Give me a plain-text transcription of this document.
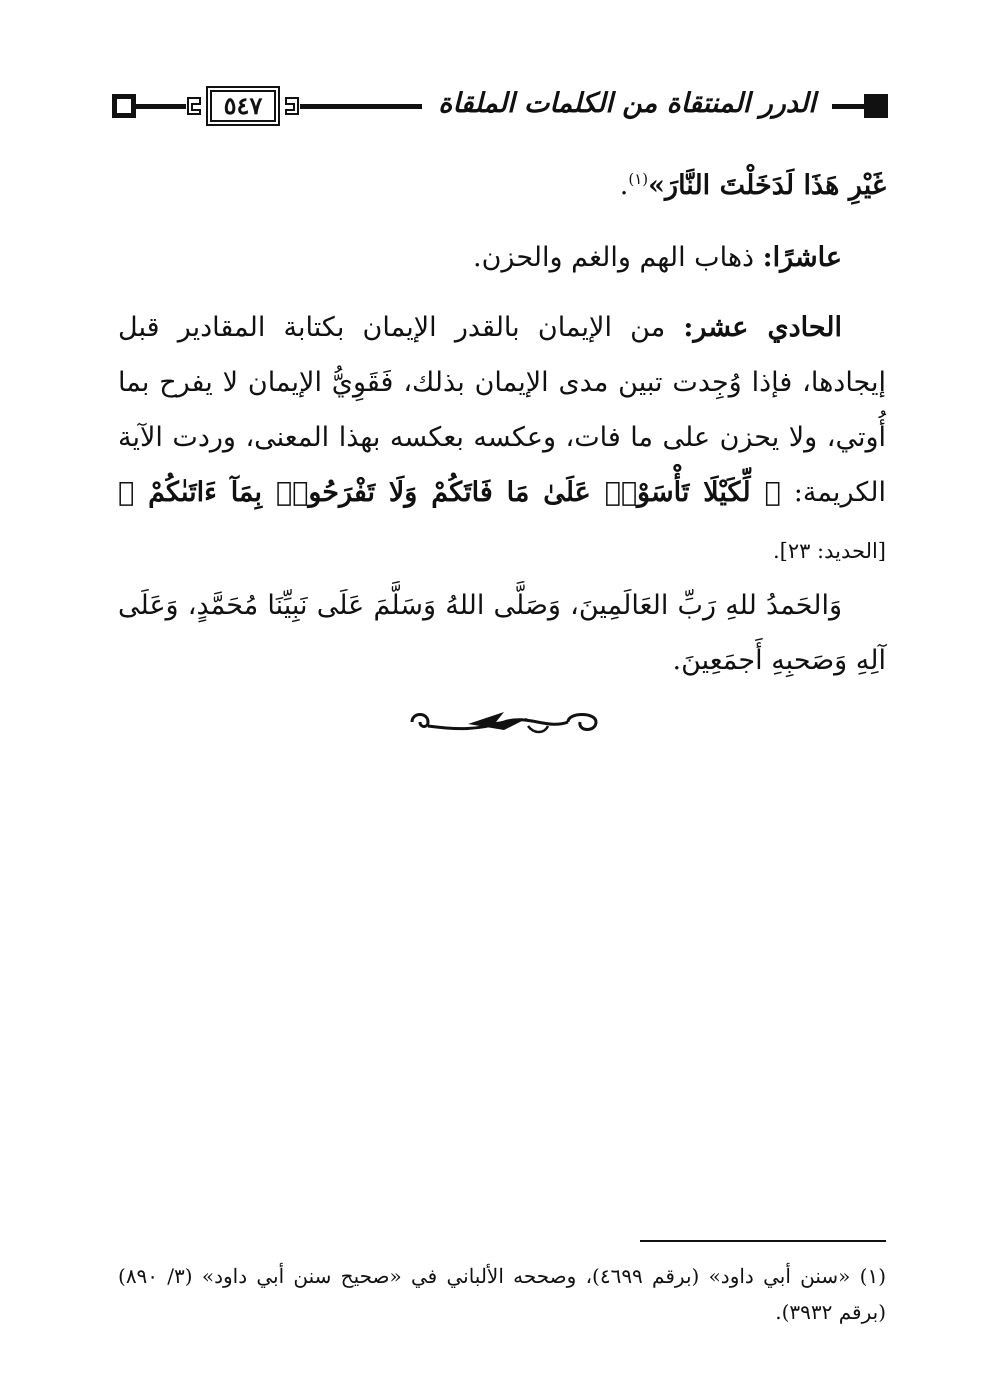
٥٤٧	الدرر المنتقاة من الكلمات الملقاة
غَيْرِ هَذَا لَدَخَلْتَ النَّارَ»$^{(١)}$.
عاشرًا: ذهاب الهم والغم والحزن.
الحادي عشر: من الإيمان بالقدر الإيمان بكتابة المقادير قبل إيجادها، فإذا وُجِدت تبين مدى الإيمان بذلك، فَقَوِيُّ الإيمان لا يفرح بما أُوتي، ولا يحزن على ما فات، وعكسه بعكسه بهذا المعنى، وردت الآية الكريمة: ﴿ لِّكَيْلَا تَأْسَوْا۟ عَلَىٰ مَا فَاتَكُمْ وَلَا تَفْرَحُوا۟ بِمَآ ءَاتَىٰكُمْ ﴾ [الحديد: ٢٣].
وَالحَمدُ للهِ رَبِّ العَالَمِينَ، وَصَلَّى اللهُ وَسَلَّمَ عَلَى نَبِيِّنَا مُحَمَّدٍ، وَعَلَى آلِهِ وَصَحبِهِ أَجمَعِينَ.
(١) «سنن أبي داود» (برقم ٤٦٩٩)، وصححه الألباني في «صحيح سنن أبي داود» (٣/ ٨٩٠) (برقم ٣٩٣٢).
